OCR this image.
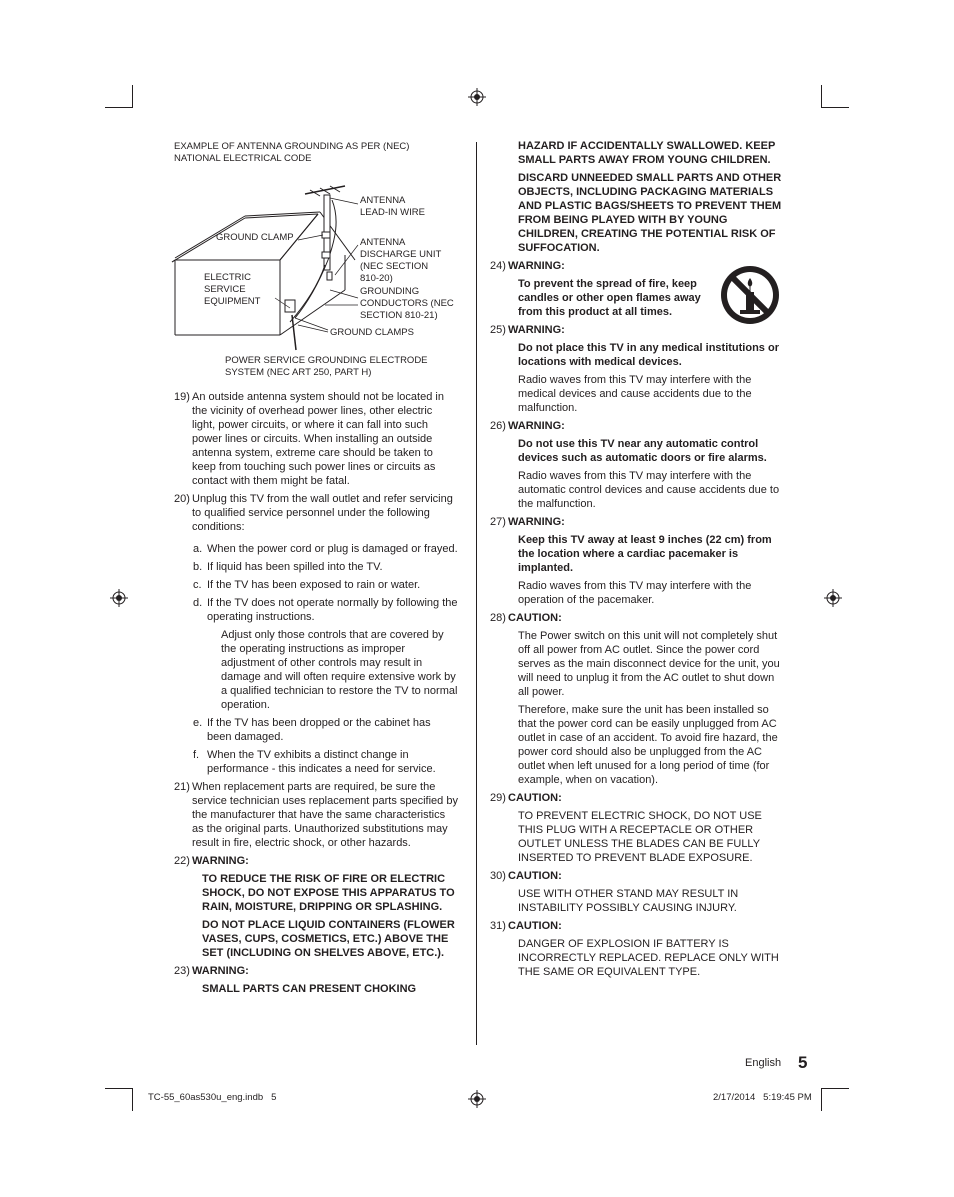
EXAMPLE OF ANTENNA GROUNDING AS PER (NEC)
NATIONAL ELECTRICAL CODE
ANTENNA
LEAD-IN WIRE
GROUND CLAMP	ANTENNA
DISCHARGE UNIT
(NEC SECTION
810-20)
ELECTRIC
SERVICE
EQUIPMENT
GROUNDING
CONDUCTORS (NEC
SECTION 810-21)
GROUND CLAMPS
POWER SERVICE GROUNDING ELECTRODE
SYSTEM (NEC ART 250, PART H)
19) An outside antenna system should not be located in the vicinity of overhead power lines, other electric light, power circuits, or where it can fall into such power lines or circuits. When installing an outside antenna system, extreme care should be taken to keep from touching such power lines or circuits as contact with them might be fatal.

20) Unplug this TV from the wall outlet and refer servicing to qualified service personnel under the following conditions:

a. When the power cord or plug is damaged or frayed.

b. If liquid has been spilled into the TV.

c. If the TV has been exposed to rain or water.

d. If the TV does not operate normally by following the operating instructions.

Adjust only those controls that are covered by the operating instructions as improper adjustment of other controls may result in damage and will often require extensive work by a qualified technician to restore the TV to normal operation.

e. If the TV has been dropped or the cabinet has been damaged.

f. When the TV exhibits a distinct change in performance - this indicates a need for service.

21) When replacement parts are required, be sure the service technician uses replacement parts specified by the manufacturer that have the same characteristics as the original parts. Unauthorized substitutions may result in fire, electric shock, or other hazards.

22) WARNING:

TO REDUCE THE RISK OF FIRE OR ELECTRIC SHOCK, DO NOT EXPOSE THIS APPARATUS TO RAIN, MOISTURE, DRIPPING OR SPLASHING.

DO NOT PLACE LIQUID CONTAINERS (FLOWER VASES, CUPS, COSMETICS, ETC.) ABOVE THE SET (INCLUDING ON SHELVES ABOVE, ETC.).

23) WARNING:

SMALL PARTS CAN PRESENT CHOKING

HAZARD IF ACCIDENTALLY SWALLOWED. KEEP SMALL PARTS AWAY FROM YOUNG CHILDREN.

DISCARD UNNEEDED SMALL PARTS AND OTHER OBJECTS, INCLUDING PACKAGING MATERIALS AND PLASTIC BAGS/SHEETS TO PREVENT THEM FROM BEING PLAYED WITH BY YOUNG CHILDREN, CREATING THE POTENTIAL RISK OF SUFFOCATION.

24) WARNING:

To prevent the spread of fire, keep candles or other open flames away from this product at all times.

25) WARNING:

Do not place this TV in any medical institutions or locations with medical devices.

Radio waves from this TV may interfere with the medical devices and cause accidents due to the malfunction.

26) WARNING:

Do not use this TV near any automatic control devices such as automatic doors or fire alarms.

Radio waves from this TV may interfere with the automatic control devices and cause accidents due to the malfunction.

27) WARNING:

Keep this TV away at least 9 inches (22 cm) from the location where a cardiac pacemaker is implanted.

Radio waves from this TV may interfere with the operation of the pacemaker.

28) CAUTION:

The Power switch on this unit will not completely shut off all power from AC outlet. Since the power cord serves as the main disconnect device for the unit, you will need to unplug it from the AC outlet to shut down all power.

Therefore, make sure the unit has been installed so that the power cord can be easily unplugged from AC outlet in case of an accident. To avoid fire hazard, the power cord should also be unplugged from the AC outlet when left unused for a long period of time (for example, when on vacation).

29) CAUTION:

TO PREVENT ELECTRIC SHOCK, DO NOT USE THIS PLUG WITH A RECEPTACLE OR OTHER OUTLET UNLESS THE BLADES CAN BE FULLY INSERTED TO PREVENT BLADE EXPOSURE.

30) CAUTION:

USE WITH OTHER STAND MAY RESULT IN INSTABILITY POSSIBLY CAUSING INJURY.

31) CAUTION:

DANGER OF EXPLOSION IF BATTERY IS INCORRECTLY REPLACED. REPLACE ONLY WITH THE SAME OR EQUIVALENT TYPE.

English 5
TC-55_60as530u_eng.indb   5	2/17/2014   5:19:45 PM
